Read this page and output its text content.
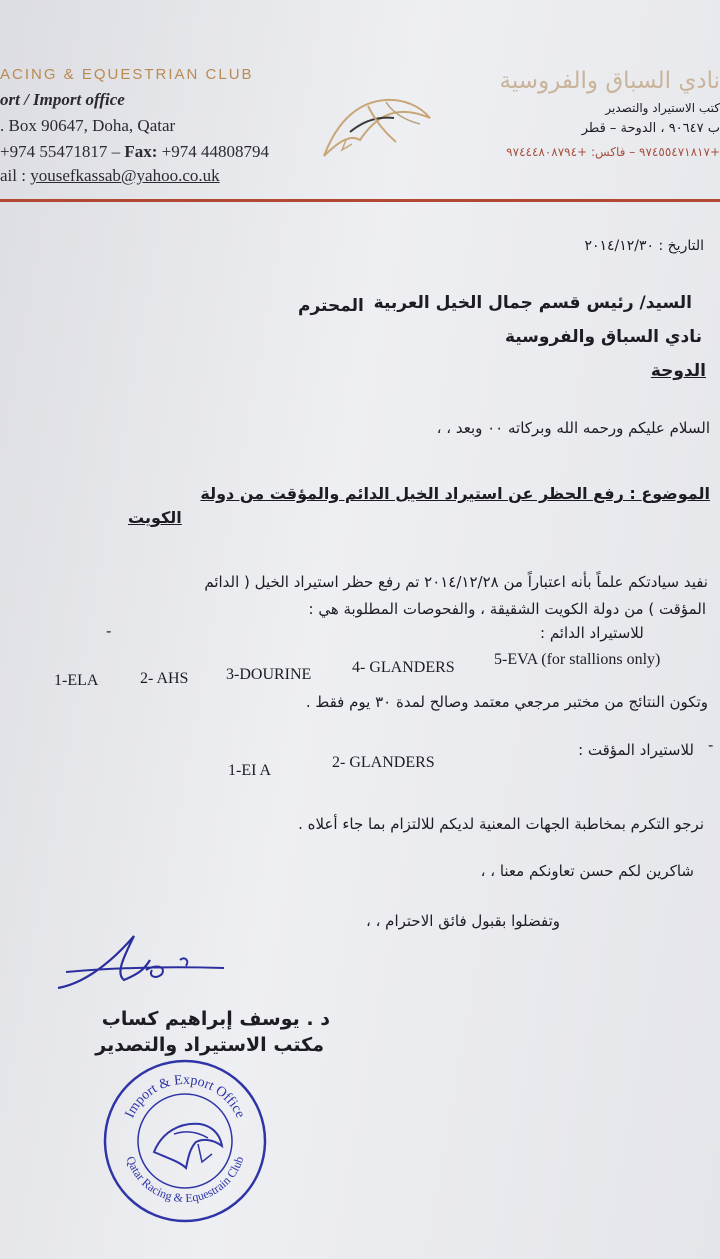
ACING & EQUESTRIAN CLUB
ort / Import office
. Box 90647, Doha, Qatar
+974 55471817 – Fax: +974 44808794
ail : yousefkassab@yahoo.co.uk
نادي السباق والفروسية
كتب الاستيراد والتصدير
ب ٩٠٦٤٧ ، الدوحة – قطر
+٩٧٤٥٥٤٧١٨١٧ – فاكس: +٩٧٤٤٤٨٠٨٧٩٤
التاريخ : ٢٠١٤/١٢/٣٠
السيد/ رئيس قسم جمال الخيل العربية
المحترم
نادي السباق والفروسية
الدوحة
السلام عليكم ورحمه الله وبركاته ٠٠ وبعد ، ،
الموضوع : رفع الحظر عن استيراد الخيل الدائم والمؤقت من دولة
الكويت
نفيد سيادتكم علماً بأنه اعتباراً من ٢٠١٤/١٢/٢٨ تم رفع حظر استيراد الخيل ( الدائم
المؤقت ) من دولة الكويت الشقيقة ، والفحوصات المطلوبة هي :
-	للاستيراد الدائم :
4- GLANDERS 5-EVA (for stallions only)
1-ELA	2- AHS 3-DOURINE
وتكون النتائج من مختبر مرجعي معتمد وصالح لمدة ٣٠ يوم فقط .
-
للاستيراد المؤقت :
1-EI A	2- GLANDERS
نرجو التكرم بمخاطبة الجهات المعنية لديكم للالتزام بما جاء أعلاه .
شاكرين لكم حسن تعاونكم معنا ، ،
وتفضلوا بقبول فائق الاحترام ، ،
د . يوسف إبراهيم كساب
مكتب الاستيراد والتصدير
Import & Export Office
Qatar Racing & Equestrain Club
